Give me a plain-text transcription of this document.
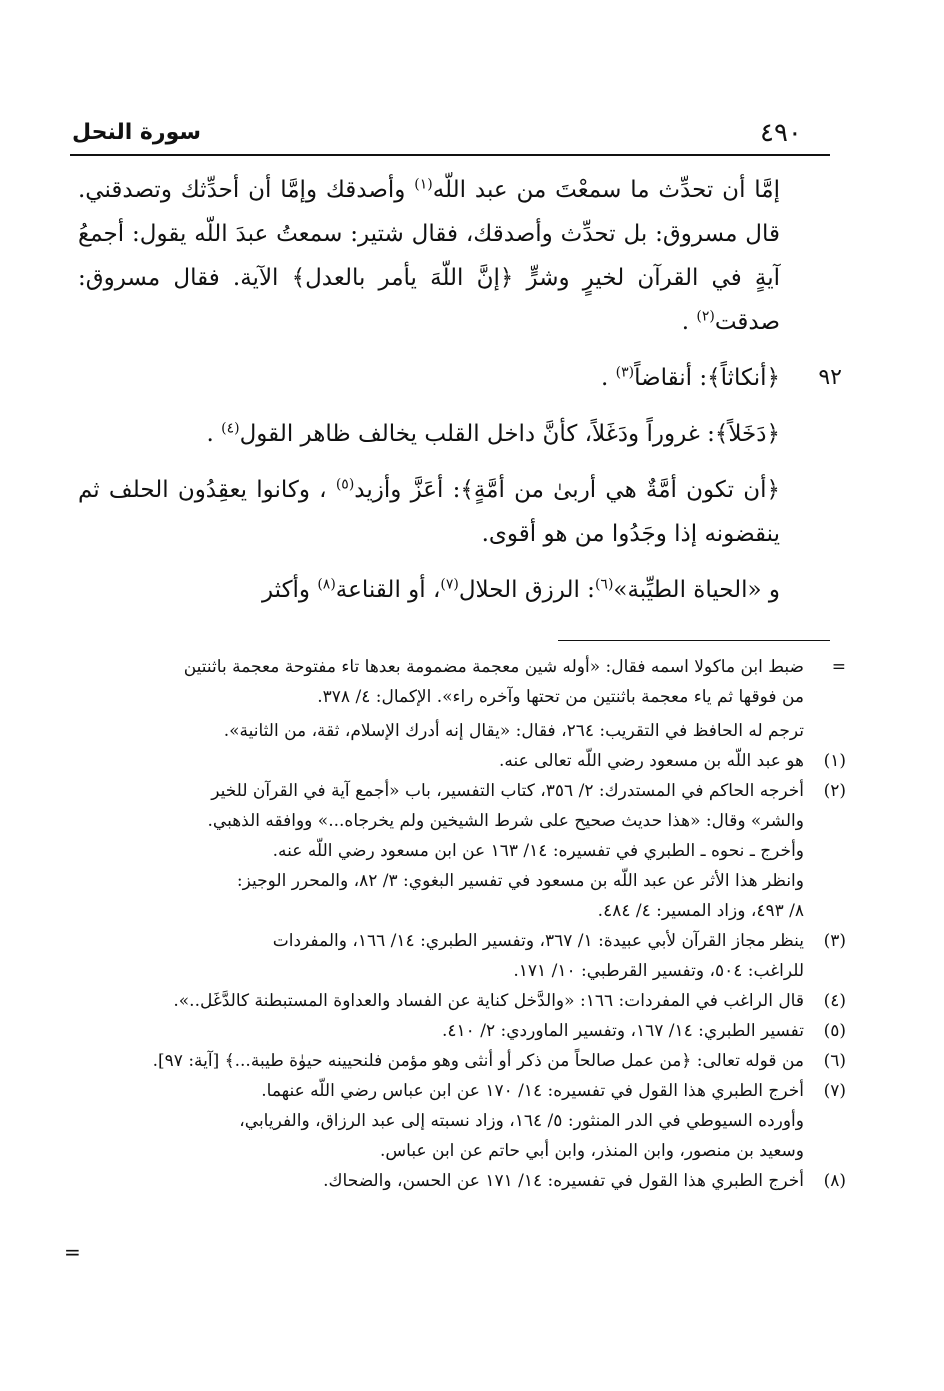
٤٩٠
سورة النحل

إمَّا أن تحدِّث ما سمعْتَ من عبد اللّه$^{(١)}$ وأصدقك وإمَّا أن أحدِّثك وتصدقني. قال مسروق: بل تحدِّث وأصدقك، فقال شتير: سمعتُ عبدَ اللّه يقول: أجمعُ آيةٍ في القرآن لخيرٍ وشرٍّ ﴿إنَّ اللّهَ يأمر بالعدل﴾ الآية. فقال مسروق: صدقت$^{(٢)}$ .

٩٢
﴿أنكاثاً﴾: أنقاضاً$^{(٣)}$ .

﴿دَخَلاً﴾: غروراً ودَغَلاً، كأنَّ داخل القلب يخالف ظاهر القول$^{(٤)}$ .

﴿أن تكون أمَّةٌ هي أربىٰ من أمَّةٍ﴾: أعَزَّ وأزيد$^{(٥)}$ ، وكانوا يعقِدُون الحلف ثم ينقضونه إذا وجَدُوا من هو أقوى.

و «الحياة الطيِّبة»$^{(٦)}$: الرزق الحلال$^{(٧)}$، أو القناعة$^{(٨)}$ وأكثر

=
ضبط ابن ماكولا اسمه فقال: «أوله شين معجمة مضمومة بعدها تاء مفتوحة معجمة باثنتين
من فوقها ثم ياء معجمة باثنتين من تحتها وآخره راء». الإكمال: ٤/ ٣٧٨.
ترجم له الحافظ في التقريب: ٢٦٤، فقال: «يقال إنه أدرك الإسلام، ثقة، من الثانية».
(١)
هو عبد اللّه بن مسعود رضي اللّه تعالى عنه.
(٢)
أخرجه الحاكم في المستدرك: ٢/ ٣٥٦، كتاب التفسير، باب «أجمع آية في القرآن للخير
والشر» وقال: «هذا حديث صحيح على شرط الشيخين ولم يخرجاه...» ووافقه الذهبي.
وأخرج ـ نحوه ـ الطبري في تفسيره: ١٤/ ١٦٣ عن ابن مسعود رضي اللّه عنه.
وانظر هذا الأثر عن عبد اللّه بن مسعود في تفسير البغوي: ٣/ ٨٢، والمحرر الوجيز:
٨/ ٤٩٣، وزاد المسير: ٤/ ٤٨٤.
(٣)
ينظر مجاز القرآن لأبي عبيدة: ١/ ٣٦٧، وتفسير الطبري: ١٤/ ١٦٦، والمفردات
للراغب: ٥٠٤، وتفسير القرطبي: ١٠/ ١٧١.
(٤)
قال الراغب في المفردات: ١٦٦: «والدَّخل كناية عن الفساد والعداوة المستبطنة كالدَّغَل..».
(٥)
تفسير الطبري: ١٤/ ١٦٧، وتفسير الماوردي: ٢/ ٤١٠.
(٦)
من قوله تعالى: ﴿من عمل صالحاً من ذكر أو أنثى وهو مؤمن فلنحيينه حيوٰة طيبة...﴾ [آية: ٩٧].
(٧)
أخرج الطبري هذا القول في تفسيره: ١٤/ ١٧٠ عن ابن عباس رضي اللّه عنهما.
وأورده السيوطي في الدر المنثور: ٥/ ١٦٤، وزاد نسبته إلى عبد الرزاق، والفريابي،
وسعيد بن منصور، وابن المنذر، وابن أبي حاتم عن ابن عباس.
(٨)
أخرج الطبري هذا القول في تفسيره: ١٤/ ١٧١ عن الحسن، والضحاك.
=
